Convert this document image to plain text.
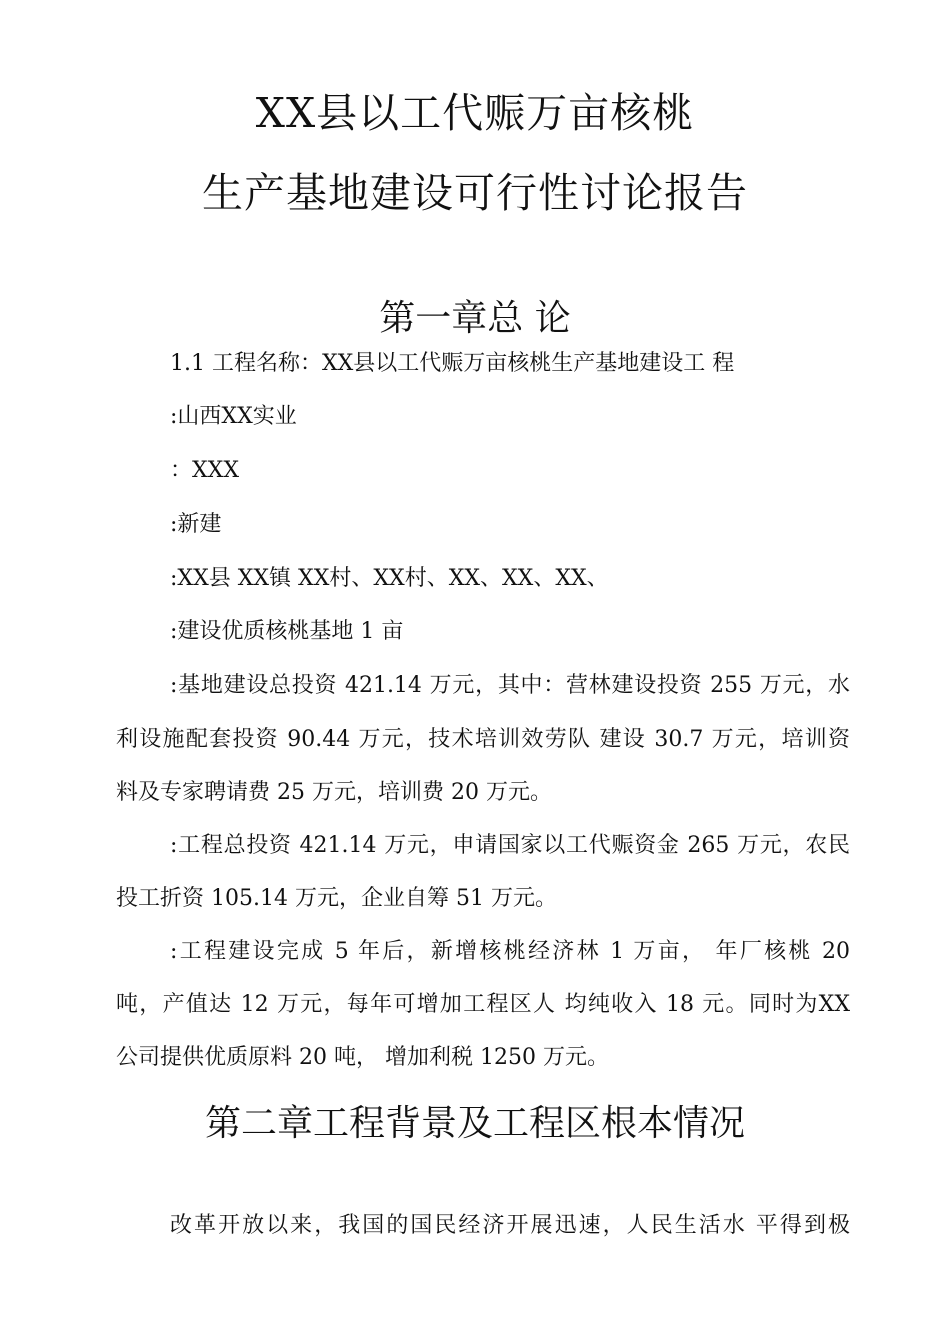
XX县以工代赈万亩核桃
生产基地建设可行性讨论报告
第一章总 论
1.1 工程名称：XX县以工代赈万亩核桃生产基地建设工 程
:山西XX实业
：XXX
:新建
:XX县 XX镇 XX村、XX村、XX、XX、XX、
:建设优质核桃基地 1 亩
:基地建设总投资 421.14 万元，其中：营林建设投资 255 万元，水
利设施配套投资 90.44 万元，技术培训效劳队 建设 30.7 万元，培训资
料及专家聘请费 25 万元，培训费 20 万元。
:工程总投资 421.14 万元，申请国家以工代赈资金 265 万元，农民
投工折资 105.14 万元，企业自筹 51 万元。
:工程建设完成 5 年后，新增核桃经济林 1 万亩， 年厂核桃 20
吨，产值达 12 万元，每年可增加工程区人 均纯收入 18 元。同时为XX
公司提供优质原料 20 吨， 增加利税 1250 万元。
第二章工程背景及工程区根本情况
改革开放以来，我国的国民经济开展迅速，人民生活水 平得到极
